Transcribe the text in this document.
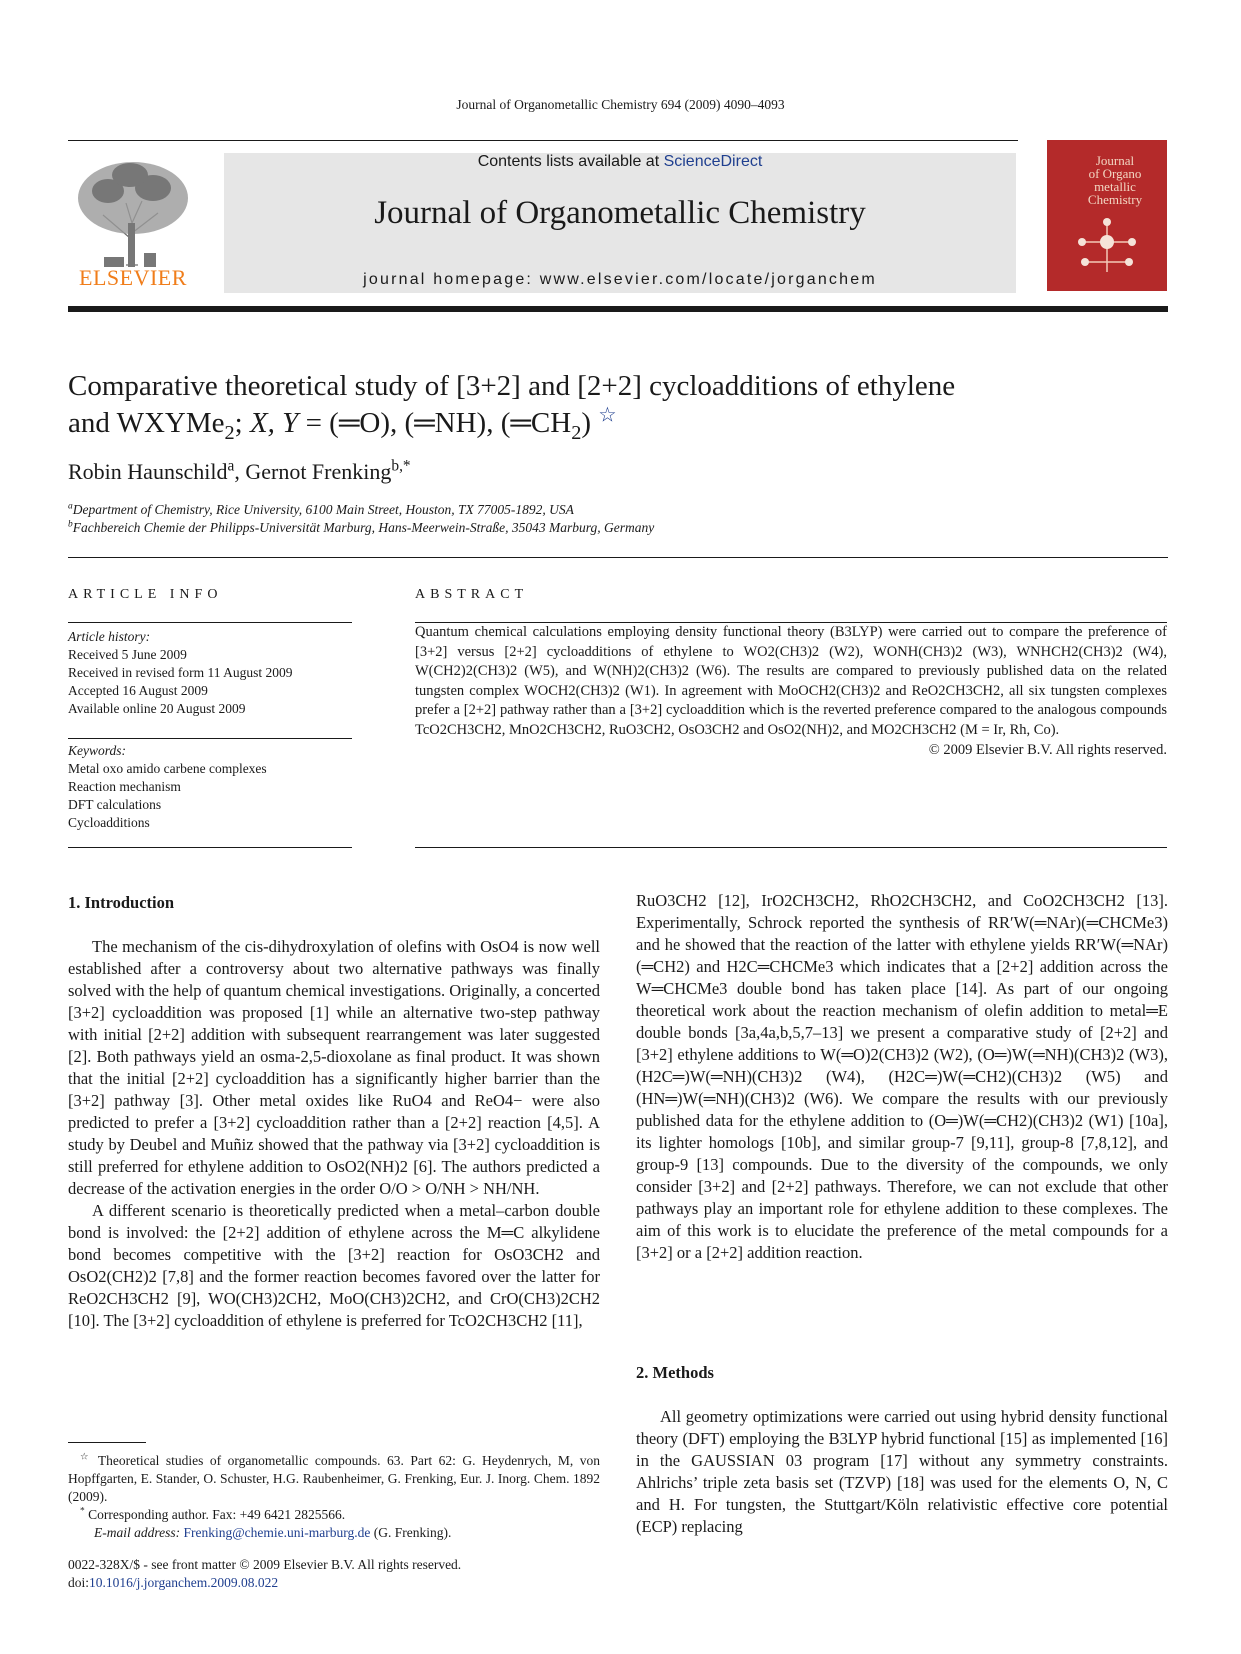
Journal of Organometallic Chemistry 694 (2009) 4090–4093
ELSEVIER
Contents lists available at ScienceDirect
Journal of Organometallic Chemistry
journal homepage: www.elsevier.com/locate/jorganchem
Journal
of Organo
metallic
Chemistry
Comparative theoretical study of [3+2] and [2+2] cycloadditions of ethylene
and WXYMe$_2$; X, Y = (═O), (═NH), $(═CH_2)$ ☆
Robin Haunschild$^a$, Gernot Frenking$^{b,*}$
$^a$Department of Chemistry, Rice University, 6100 Main Street, Houston, TX 77005-1892, USA
$^b$Fachbereich Chemie der Philipps-Universität Marburg, Hans-Meerwein-Straße, 35043 Marburg, Germany
ARTICLE INFO
Article history:
Received 5 June 2009
Received in revised form 11 August 2009
Accepted 16 August 2009
Available online 20 August 2009
Keywords:
Metal oxo amido carbene complexes
Reaction mechanism
DFT calculations
Cycloadditions
ABSTRACT
Quantum chemical calculations employing density functional theory (B3LYP) were carried out to compare the preference of [3+2] versus [2+2] cycloadditions of ethylene to WO2(CH3)2 (W2), WONH(CH3)2 (W3), WNHCH2(CH3)2 (W4), W(CH2)2(CH3)2 (W5), and W(NH)2(CH3)2 (W6). The results are compared to previously published data on the related tungsten complex WOCH2(CH3)2 (W1). In agreement with MoOCH2(CH3)2 and ReO2CH3CH2, all six tungsten complexes prefer a [2+2] pathway rather than a [3+2] cycloaddition which is the reverted preference compared to the analogous compounds TcO2CH3CH2, MnO2CH3CH2, RuO3CH2, OsO3CH2 and OsO2(NH)2, and MO2CH3CH2 (M = Ir, Rh, Co).
© 2009 Elsevier B.V. All rights reserved.
1. Introduction

The mechanism of the cis-dihydroxylation of olefins with OsO4 is now well established after a controversy about two alternative pathways was finally solved with the help of quantum chemical investigations. Originally, a concerted [3+2] cycloaddition was proposed [1] while an alternative two-step pathway with initial [2+2] addition with subsequent rearrangement was later suggested [2]. Both pathways yield an osma-2,5-dioxolane as final product. It was shown that the initial [2+2] cycloaddition has a significantly higher barrier than the [3+2] pathway [3]. Other metal oxides like RuO4 and ReO4− were also predicted to prefer a [3+2] cycloaddition rather than a [2+2] reaction [4,5]. A study by Deubel and Muñiz showed that the pathway via [3+2] cycloaddition is still preferred for ethylene addition to OsO2(NH)2 [6]. The authors predicted a decrease of the activation energies in the order O/O > O/NH > NH/NH.

A different scenario is theoretically predicted when a metal–carbon double bond is involved: the [2+2] addition of ethylene across the M═C alkylidene bond becomes competitive with the [3+2] reaction for OsO3CH2 and OsO2(CH2)2 [7,8] and the former reaction becomes favored over the latter for ReO2CH3CH2 [9], WO(CH3)2CH2, MoO(CH3)2CH2, and CrO(CH3)2CH2 [10]. The [3+2] cycloaddition of ethylene is preferred for TcO2CH3CH2 [11],

☆ Theoretical studies of organometallic compounds. 63. Part 62: G. Heydenrych, M, von Hopffgarten, E. Stander, O. Schuster, H.G. Raubenheimer, G. Frenking, Eur. J. Inorg. Chem. 1892 (2009).
* Corresponding author. Fax: +49 6421 2825566.
E-mail address: Frenking@chemie.uni-marburg.de (G. Frenking).
0022-328X/$ - see front matter © 2009 Elsevier B.V. All rights reserved.
doi:10.1016/j.jorganchem.2009.08.022

RuO3CH2 [12], IrO2CH3CH2, RhO2CH3CH2, and CoO2CH3CH2 [13]. Experimentally, Schrock reported the synthesis of RR′W(═NAr)(═CHCMe3) and he showed that the reaction of the latter with ethylene yields RR′W(═NAr)(═CH2) and H2C═CHCMe3 which indicates that a [2+2] addition across the W═CHCMe3 double bond has taken place [14]. As part of our ongoing theoretical work about the reaction mechanism of olefin addition to metal═E double bonds [3a,4a,b,5,7–13] we present a comparative study of [2+2] and [3+2] ethylene additions to W(═O)2(CH3)2 (W2), (O═)W(═NH)(CH3)2 (W3), (H2C═)W(═NH)(CH3)2 (W4), (H2C═)W(═CH2)(CH3)2 (W5) and (HN═)W(═NH)(CH3)2 (W6). We compare the results with our previously published data for the ethylene addition to (O═)W(═CH2)(CH3)2 (W1) [10a], its lighter homologs [10b], and similar group-7 [9,11], group-8 [7,8,12], and group-9 [13] compounds. Due to the diversity of the compounds, we only consider [3+2] and [2+2] pathways. Therefore, we can not exclude that other pathways play an important role for ethylene addition to these complexes. The aim of this work is to elucidate the preference of the metal compounds for a [3+2] or a [2+2] addition reaction.

2. Methods

All geometry optimizations were carried out using hybrid density functional theory (DFT) employing the B3LYP hybrid functional [15] as implemented [16] in the GAUSSIAN 03 program [17] without any symmetry constraints. Ahlrichs’ triple zeta basis set (TZVP) [18] was used for the elements O, N, C and H. For tungsten, the Stuttgart/Köln relativistic effective core potential (ECP) replacing
